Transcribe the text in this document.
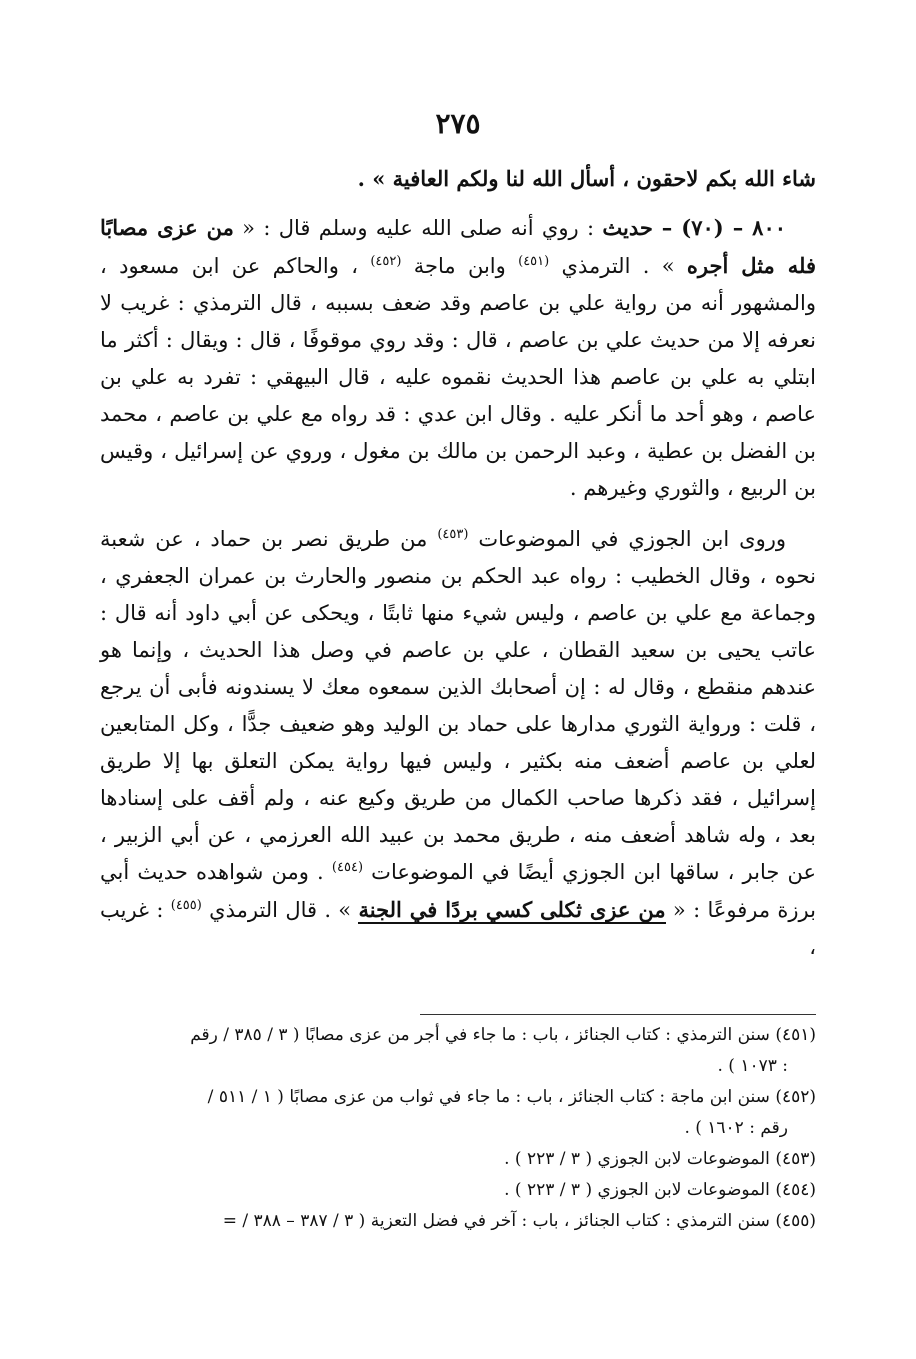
٢٧٥

شاء الله بكم لاحقون ، أسأل الله لنا ولكم العافية » .

٨٠٠ – (٧٠) – حديث : روي أنه صلى الله عليه وسلم قال : « من عزى مصابًا فله مثل أجره » . الترمذي $^{(٤٥١)}$ وابن ماجة $^{(٤٥٢)}$ ، والحاكم عن ابن مسعود ، والمشهور أنه من رواية علي بن عاصم وقد ضعف بسببه ، قال الترمذي : غريب لا نعرفه إلا من حديث علي بن عاصم ، قال : وقد روي موقوفًا ، قال : ويقال : أكثر ما ابتلي به علي بن عاصم هذا الحديث نقموه عليه ، قال البيهقي : تفرد به علي بن عاصم ، وهو أحد ما أنكر عليه . وقال ابن عدي : قد رواه مع علي بن عاصم ، محمد بن الفضل بن عطية ، وعبد الرحمن بن مالك بن مغول ، وروي عن إسرائيل ، وقيس بن الربيع ، والثوري وغيرهم .

وروى ابن الجوزي في الموضوعات $^{(٤٥٣)}$ من طريق نصر بن حماد ، عن شعبة نحوه ، وقال الخطيب : رواه عبد الحكم بن منصور والحارث بن عمران الجعفري ، وجماعة مع علي بن عاصم ، وليس شيء منها ثابتًا ، ويحكى عن أبي داود أنه قال : عاتب يحيى بن سعيد القطان ، علي بن عاصم في وصل هذا الحديث ، وإنما هو عندهم منقطع ، وقال له : إن أصحابك الذين سمعوه معك لا يسندونه فأبى أن يرجع ، قلت : ورواية الثوري مدارها على حماد بن الوليد وهو ضعيف جدًّا ، وكل المتابعين لعلي بن عاصم أضعف منه بكثير ، وليس فيها رواية يمكن التعلق بها إلا طريق إسرائيل ، فقد ذكرها صاحب الكمال من طريق وكيع عنه ، ولم أقف على إسنادها بعد ، وله شاهد أضعف منه ، طريق محمد بن عبيد الله العرزمي ، عن أبي الزبير ، عن جابر ، ساقها ابن الجوزي أيضًا في الموضوعات $^{(٤٥٤)}$ . ومن شواهده حديث أبي برزة مرفوعًا : « من عزى ثكلى كسي بردًا في الجنة » . قال الترمذي $^{(٤٥٥)}$ : غريب ،

(٤٥١) سنن الترمذي : كتاب الجنائز ، باب : ما جاء في أجر من عزى مصابًا ( ٣ / ٣٨٥ / رقم
: ١٠٧٣ ) .

(٤٥٢) سنن ابن ماجة : كتاب الجنائز ، باب : ما جاء في ثواب من عزى مصابًا ( ١ / ٥١١ /
رقم : ١٦٠٢ ) .

(٤٥٣) الموضوعات لابن الجوزي ( ٣ / ٢٢٣ ) .

(٤٥٤) الموضوعات لابن الجوزي ( ٣ / ٢٢٣ ) .

(٤٥٥) سنن الترمذي : كتاب الجنائز ، باب : آخر في فضل التعزية ( ٣ / ٣٨٧ – ٣٨٨ / =
